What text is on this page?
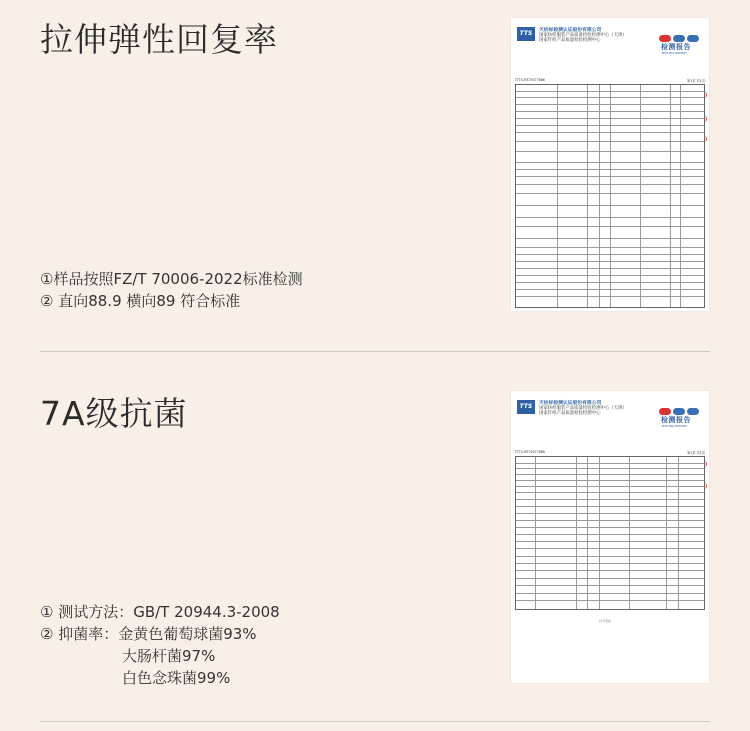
拉伸弹性回复率
①样品按照FZ/T 70006-2022标准检测
② 直向88.9 横向89 符合标准
TTS	天纺标检测认证股份有限公司
国家纺织服装产品质量检验检测中心（天津）
国家针织产品质量检验检测中心
检测报告
TESTING REPORT
TTTS-MT25077886	第1页 共1页
7A级抗菌
① 测试方法：GB/T 20944.3-2008
② 抑菌率：金黄色葡萄球菌93%
大肠杆菌97%
白色念珠菌99%
TTS	天纺标检测认证股份有限公司
国家纺织服装产品质量检验检测中心（天津）
国家针织产品质量检验检测中心
检测报告
TESTING REPORT
TTTS-MT25077886	第1页 共1页
以下空白
